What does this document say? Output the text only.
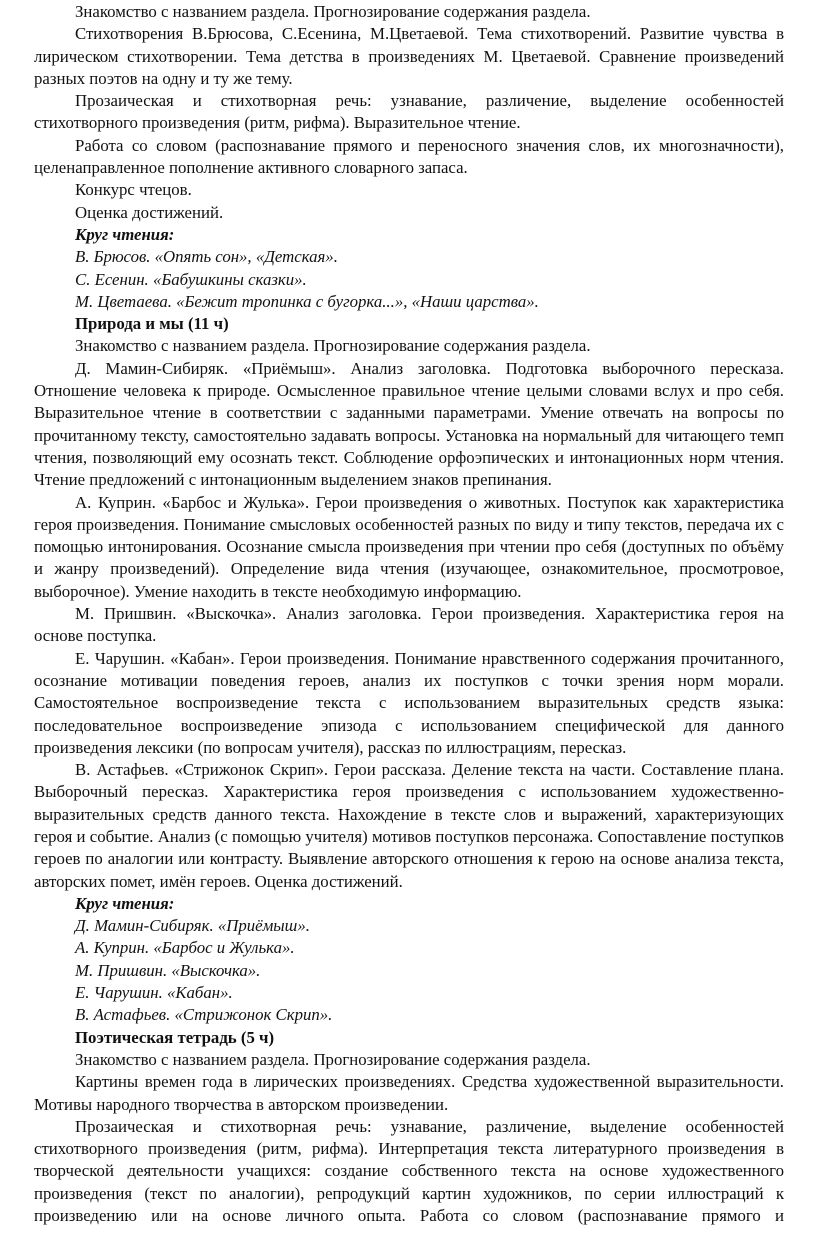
Знакомство с названием раздела. Прогнозирование содержания раздела.
Стихотворения В.Брюсова, С.Есенина, М.Цветаевой. Тема стихотворений. Развитие чувства в лирическом стихотворении. Тема детства в произведениях М. Цветаевой. Сравнение произведений разных поэтов на одну и ту же тему.
Прозаическая и стихотворная речь: узнавание, различение, выделение особенностей стихотворного произведения (ритм, рифма). Выразительное чтение.
Работа со словом (распознавание прямого и переносного значения слов, их многозначности), целенаправленное пополнение активного словарного запаса.
Конкурс чтецов.
Оценка достижений.
Круг чтения:
В. Брюсов. «Опять сон», «Детская».
С. Есенин. «Бабушкины сказки».
М. Цветаева. «Бежит тропинка с бугорка...», «Наши царства».
Природа и мы (11 ч)
Знакомство с названием раздела. Прогнозирование содержания раздела.
Д. Мамин-Сибиряк. «Приёмыш». Анализ заголовка. Подготовка выборочного пересказа. Отношение человека к природе. Осмысленное правильное чтение целыми словами вслух и про себя. Выразительное чтение в соответствии с заданными параметрами. Умение отвечать на вопросы по прочитанному тексту, самостоятельно задавать вопросы. Установка на нормальный для читающего темп чтения, позволяющий ему осознать текст. Соблюдение орфоэпических и интонационных норм чтения. Чтение предложений с интонационным выделением знаков препинания.
А. Куприн. «Барбос и Жулька». Герои произведения о животных. Поступок как характеристика героя произведения. Понимание смысловых особенностей разных по виду и типу текстов, передача их с помощью интонирования. Осознание смысла произведения при чтении про себя (доступных по объёму и жанру произведений). Определение вида чтения (изучающее, ознакомительное, просмотровое, выборочное). Умение находить в тексте необходимую информацию.
М. Пришвин. «Выскочка». Анализ заголовка. Герои произведения. Характеристика героя на основе поступка.
Е. Чарушин. «Кабан». Герои произведения. Понимание нравственного содержания прочитанного, осознание мотивации поведения героев, анализ их поступков с точки зрения норм морали. Самостоятельное воспроизведение текста с использованием выразительных средств языка: последовательное воспроизведение эпизода с использованием специфической для данного произведения лексики (по вопросам учителя), рассказ по иллюстрациям, пересказ.
В. Астафьев. «Стрижонок Скрип». Герои рассказа. Деление текста на части. Составление плана. Выборочный пересказ. Характеристика героя произведения с использованием художественно-выразительных средств данного текста. Нахождение в тексте слов и выражений, характеризующих героя и событие. Анализ (с помощью учителя) мотивов поступков персонажа. Сопоставление поступков героев по аналогии или контрасту. Выявление авторского отношения к герою на основе анализа текста, авторских помет, имён героев. Оценка достижений.
Круг чтения:
Д. Мамин-Сибиряк. «Приёмыш».
А. Куприн. «Барбос и Жулька».
М. Пришвин. «Выскочка».
Е. Чарушин. «Кабан».
В. Астафьев. «Стрижонок Скрип».
Поэтическая тетрадь (5 ч)
Знакомство с названием раздела. Прогнозирование содержания раздела.
Картины времен года в лирических произведениях. Средства художественной выразительности. Мотивы народного творчества в авторском произведении.
Прозаическая и стихотворная речь: узнавание, различение, выделение особенностей стихотворного произведения (ритм, рифма). Интерпретация текста литературного произведения в творческой деятельности учащихся: создание собственного текста на основе художественного произведения (текст по аналогии), репродукций картин художников, по серии иллюстраций к произведению или на основе личного опыта. Работа со словом (распознавание прямого и
